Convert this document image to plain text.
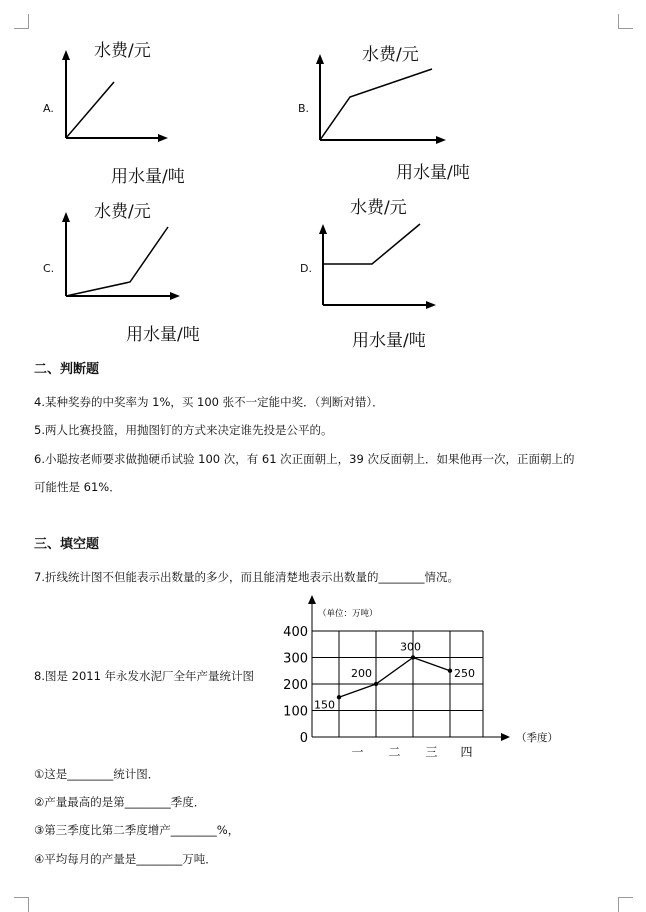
水费/元
用水量/吨
A.
水费/元
用水量/吨
B.
水费/元
用水量/吨
C.
水费/元
用水量/吨
D.
二、判断题
4.某种奖券的中奖率为 1%，买 100 张不一定能中奖．（判断对错）．
5.两人比赛投篮，用抛图钉的方式来决定谁先投是公平的。
6.小聪按老师要求做抛硬币试验 100 次，有 61 次正面朝上，39 次反面朝上．如果他再一次，正面朝上的
可能性是 61%．
三、填空题
7.折线统计图不但能表示出数量的多少，而且能清楚地表示出数量的________情况。
8.图是 2011 年永发水泥厂全年产量统计图
0
100
200
300
400
（单位：万吨）
一 二 三 四
（季度）
150
200
300
250
①这是________统计图．
②产量最高的是第________季度．
③第三季度比第二季度增产________%，
④平均每月的产量是________万吨．
